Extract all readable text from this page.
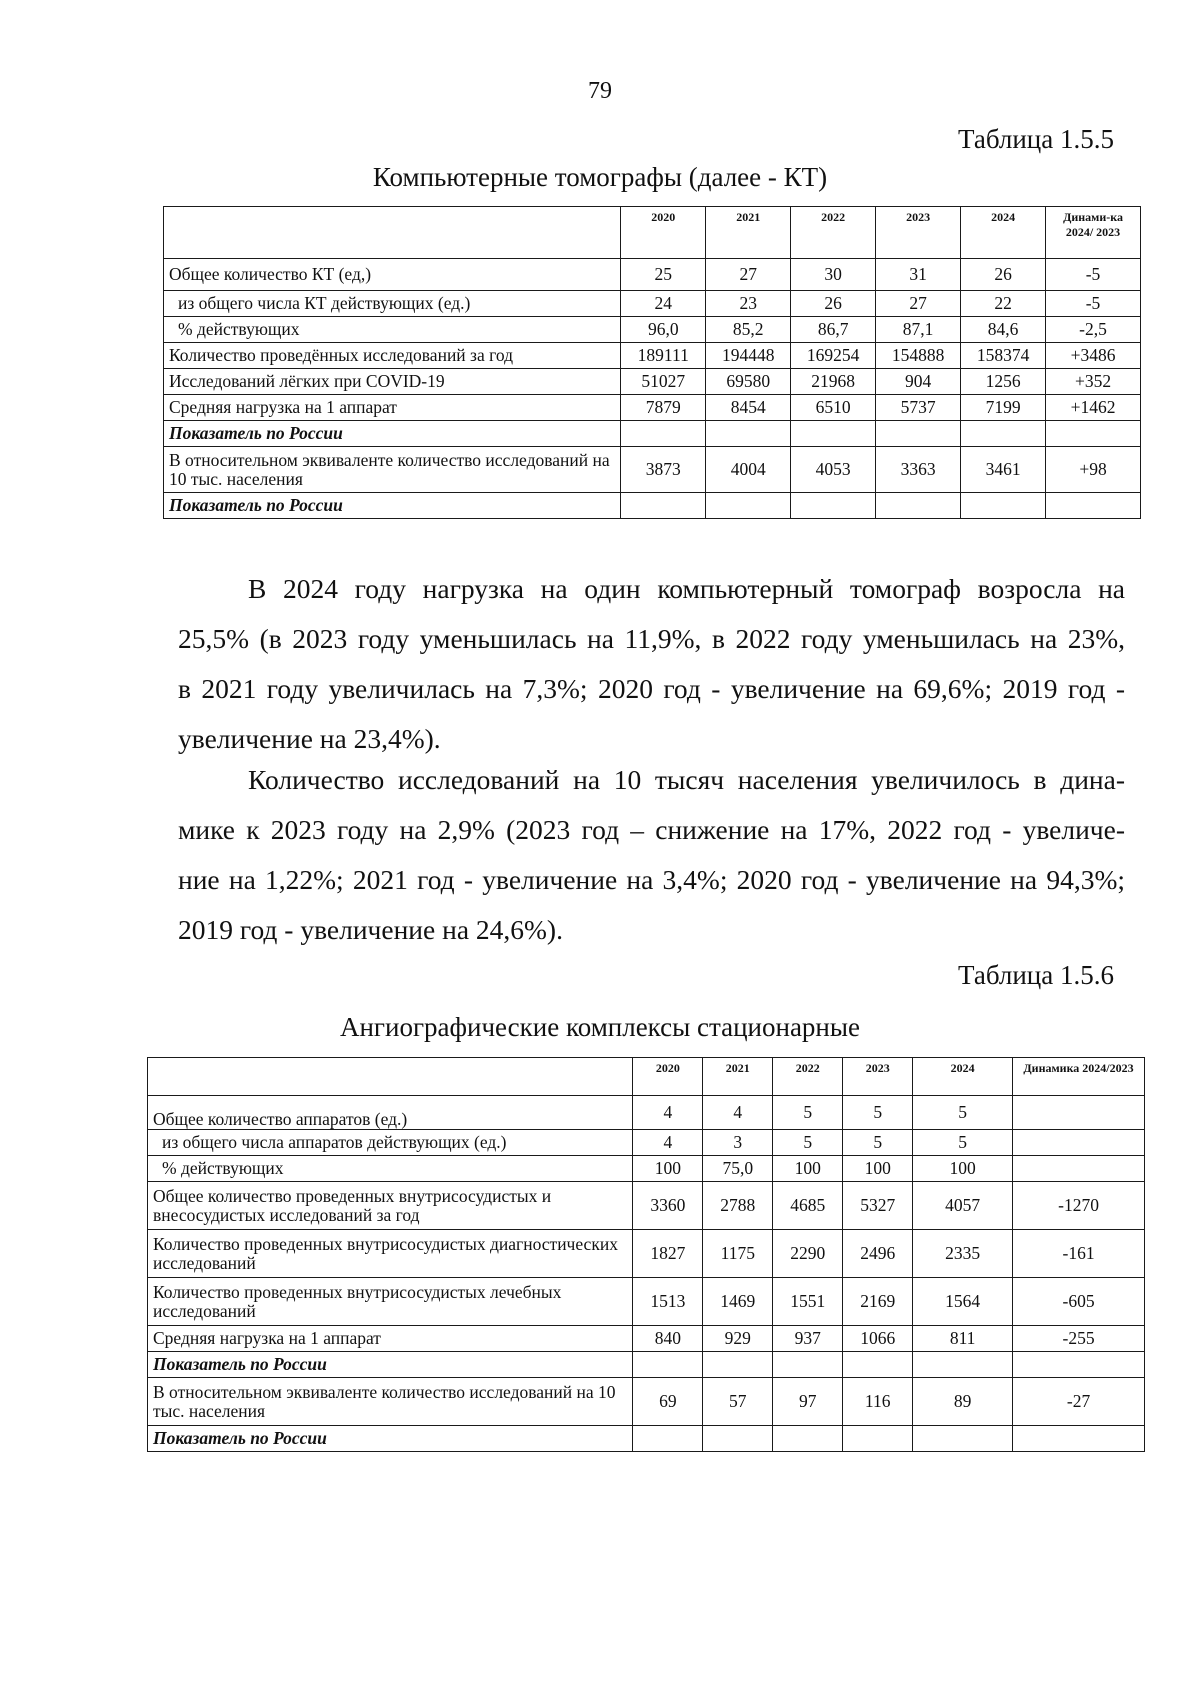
79
Таблица 1.5.5
Компьютерные томографы (далее - КТ)
	2020	2021	2022	2023	2024	Динами-ка 2024/ 2023
Общее количество КТ (ед,)	25	27	30	31	26	-5
из общего числа КТ действующих (ед.)	24	23	26	27	22	-5
% действующих	96,0	85,2	86,7	87,1	84,6	-2,5
Количество проведённых исследований за год	189111	194448	169254	154888	158374	+3486
Исследований лёгких при COVID-19	51027	69580	21968	904	1256	+352
Средняя нагрузка на 1 аппарат	7879	8454	6510	5737	7199	+1462
Показатель по России						
В относительном эквиваленте количество исследований на 10 тыс. населения	3873	4004	4053	3363	3461	+98
Показатель по России						
В 2024 году нагрузка на один компьютерный томограф возросла на
25,5% (в 2023 году уменьшилась на 11,9%, в 2022 году уменьшилась на 23%,
в 2021 году увеличилась на 7,3%; 2020 год - увеличение на 69,6%; 2019 год -
увеличение на 23,4%).
Количество исследований на 10 тысяч населения увеличилось в дина-
мике к 2023 году на 2,9% (2023 год – снижение на 17%, 2022 год - увеличе-
ние на 1,22%; 2021 год - увеличение на 3,4%; 2020 год - увеличение на 94,3%;
2019 год - увеличение на 24,6%).
Таблица 1.5.6
Ангиографические комплексы стационарные
	2020	2021	2022	2023	2024	Динамика 2024/2023
Общее количество аппаратов (ед.)	4	4	5	5	5	
из общего числа аппаратов действующих (ед.)	4	3	5	5	5	
% действующих	100	75,0	100	100	100	
Общее количество проведенных внутрисосудистых и внесосудистых исследований за год	3360	2788	4685	5327	4057	-1270
Количество проведенных внутрисосудистых диагностических исследований	1827	1175	2290	2496	2335	-161
Количество проведенных внутрисосудистых лечебных исследований	1513	1469	1551	2169	1564	-605
Средняя нагрузка на 1 аппарат	840	929	937	1066	811	-255
Показатель по России						
В относительном эквиваленте количество исследований на 10 тыс. населения	69	57	97	116	89	-27
Показатель по России						
